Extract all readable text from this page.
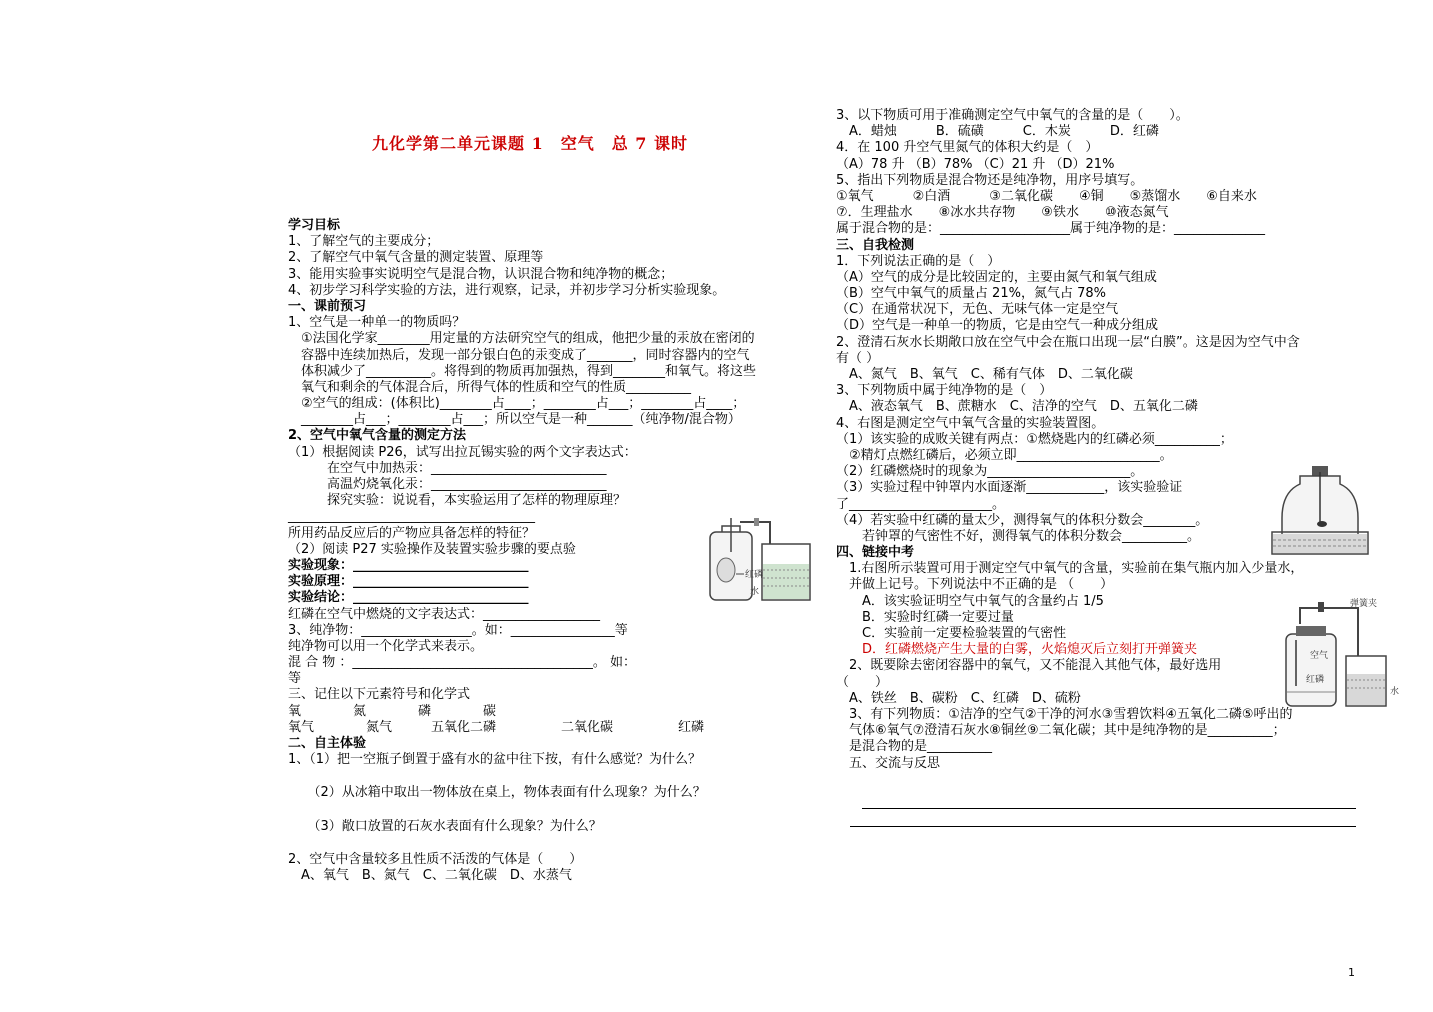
九化学第二单元课题 1　空气　总 7 课时
学习目标
1、了解空气的主要成分；
2、了解空气中氧气含量的测定装置、原理等
3、能用实验事实说明空气是混合物，认识混合物和纯净物的概念；
4、初步学习科学实验的方法，进行观察，记录，并初步学习分析实验现象。
一、课前预习
1、空气是一种单一的物质吗？
　①法国化学家________用定量的方法研究空气的组成，他把少量的汞放在密闭的
　容器中连续加热后，发现一部分银白色的汞变成了_______，同时容器内的空气
　体积减少了__________。将得到的物质再加强热，得到________和氧气。将这些
　氧气和剩余的气体混合后，所得气体的性质和空气的性质__________
　②空气的组成：(体积比)________占____；________占___；________占____；
　________占___；________占___；所以空气是一种_______（纯净物/混合物）
2、空气中氧气含量的测定方法
（1）根据阅读 P26，试写出拉瓦锡实验的两个文字表达式：
　　　在空气中加热汞：___________________________
　　　高温灼烧氧化汞：___________________________
　　　探究实验：说说看，本实验运用了怎样的物理原理？
______________________________________
所用药品反应后的产物应具备怎样的特征？
（2）阅读 P27 实验操作及装置实验步骤的要点验
实验现象：___________________________
实验原理：___________________________
实验结论：___________________________
红磷在空气中燃烧的文字表达式：__________________
3、纯净物：_________________。如：________________等
纯净物可以用一个化学式来表示。
混 合 物 ：_____________________________________。 如：
等
三、记住以下元素符号和化学式
氧　　　　氮　　　　磷　　　　碳
氧气　　　　氮气　　　五氧化二磷　　　　　二氧化碳　　　　　红磷
二、自主体验
1、（1）把一空瓶子倒置于盛有水的盆中往下按，有什么感觉？为什么？
　　（2）从冰箱中取出一物体放在桌上，物体表面有什么现象？为什么？
　　（3）敞口放置的石灰水表面有什么现象？为什么？
2、空气中含量较多且性质不活泼的气体是（　　）
　A、氧气　B、氮气　C、二氧化碳　D、水蒸气
3、以下物质可用于准确测定空气中氧气的含量的是（　　）。
　A．蜡烛　　　B．硫磺　　　C．木炭　　　D．红磷
4．在 100 升空气里氮气的体积大约是（　）
（A）78 升 （B）78% （C）21 升 （D）21%
5、指出下列物质是混合物还是纯净物，用序号填写。
①氧气　　　②白酒　　　③二氧化碳　　④铜　　⑤蒸馏水　　⑥自来水
⑦．生理盐水　　⑧冰水共存物　　⑨铁水　　⑩液态氮气
属于混合物的是：____________________属于纯净物的是：______________
三、自我检测
1．下列说法正确的是（　）
（A）空气的成分是比较固定的，主要由氮气和氧气组成
（B）空气中氧气的质量占 21%，氮气占 78%
（C）在通常状况下，无色、无味气体一定是空气
（D）空气是一种单一的物质，它是由空气一种成分组成
2、澄清石灰水长期敞口放在空气中会在瓶口出现一层“白膜”。这是因为空气中含
有（ ）
　A、氮气　B、氧气　C、稀有气体　D、二氧化碳
3、下列物质中属于纯净物的是（　）
　A、液态氧气　B、蔗糖水　C、洁净的空气　D、五氧化二磷
4、右图是测定空气中氧气含量的实验装置图。
（1）该实验的成败关键有两点：①燃烧匙内的红磷必须__________；
　②精灯点燃红磷后，必须立即______________________。
（2）红磷燃烧时的现象为______________________。
（3）实验过程中钟罩内水面逐渐____________，该实验验证
了______________________。
（4）若实验中红磷的量太少，测得氧气的体积分数会________。
　　若钟罩的气密性不好，测得氧气的体积分数会__________。
四、链接中考
　1.右图所示装置可用于测定空气中氧气的含量，实验前在集气瓶内加入少量水，
　并做上记号。下列说法中不正确的是 （　　）
　　A．该实验证明空气中氧气的含量约占 1/5
　　B．实验时红磷一定要过量
　　C．实验前一定要检验装置的气密性
　　D．红磷燃烧产生大量的白雾，火焰熄灭后立刻打开弹簧夹
　2、既要除去密闭容器中的氧气，又不能混入其他气体，最好选用
（　　）
　A、铁丝　B、碳粉　C、红磷　D、硫粉
　3、有下列物质：①洁净的空气②干净的河水③雪碧饮料④五氧化二磷⑤呼出的
　气体⑥氧气⑦澄清石灰水⑧铜丝⑨二氧化碳；其中是纯净物的是__________；
　是混合物的是__________
　五、交流与反思
红磷
水
弹簧夹
空气
红磷
水
1
